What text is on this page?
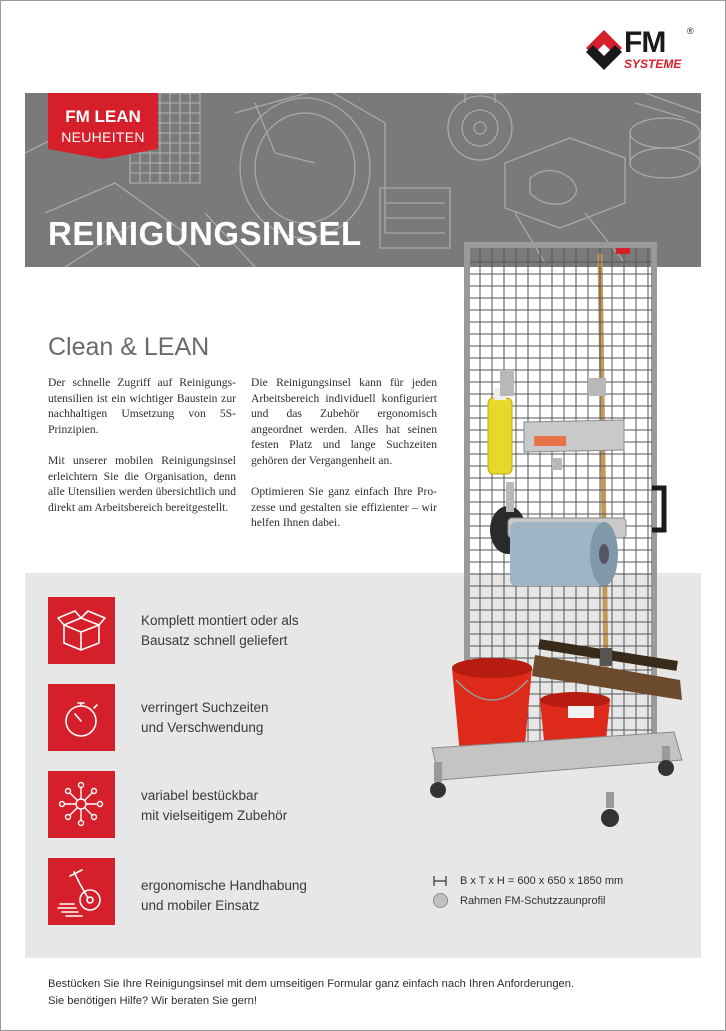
FM ®
SYSTEME
FM LEAN
NEUHEITEN
REINIGUNGSINSEL
Clean & LEAN

Der schnelle Zugriff auf Reinigungsutensilien ist ein wichtiger Baustein zur nachhaltigen Umsetzung von 5S-Prinzipien.

Mit unserer mobilen Reinigungsinsel erleichtern Sie die Organisation, denn alle Utensilien werden übersichtlich und direkt am Arbeitsbereich bereitgestellt.

Die Reinigungsinsel kann für jeden Arbeitsbereich individuell konfiguriert und das Zubehör ergonomisch angeordnet werden. Alles hat seinen festen Platz und lange Suchzeiten gehören der Vergangenheit an.

Optimieren Sie ganz einfach Ihre Prozesse und gestalten sie effizienter – wir helfen Ihnen dabei.

Komplett montiert oder als
Bausatz schnell geliefert
verringert Suchzeiten
und Verschwendung
variabel bestückbar
mit vielseitigem Zubehör
ergonomische Handhabung
und mobiler Einsatz
B x T x H = 600 x 650 x 1850 mm
Rahmen FM-Schutzzaunprofil
Bestücken Sie Ihre Reinigungsinsel mit dem umseitigen Formular ganz einfach nach Ihren Anforderungen.
Sie benötigen Hilfe? Wir beraten Sie gern!
